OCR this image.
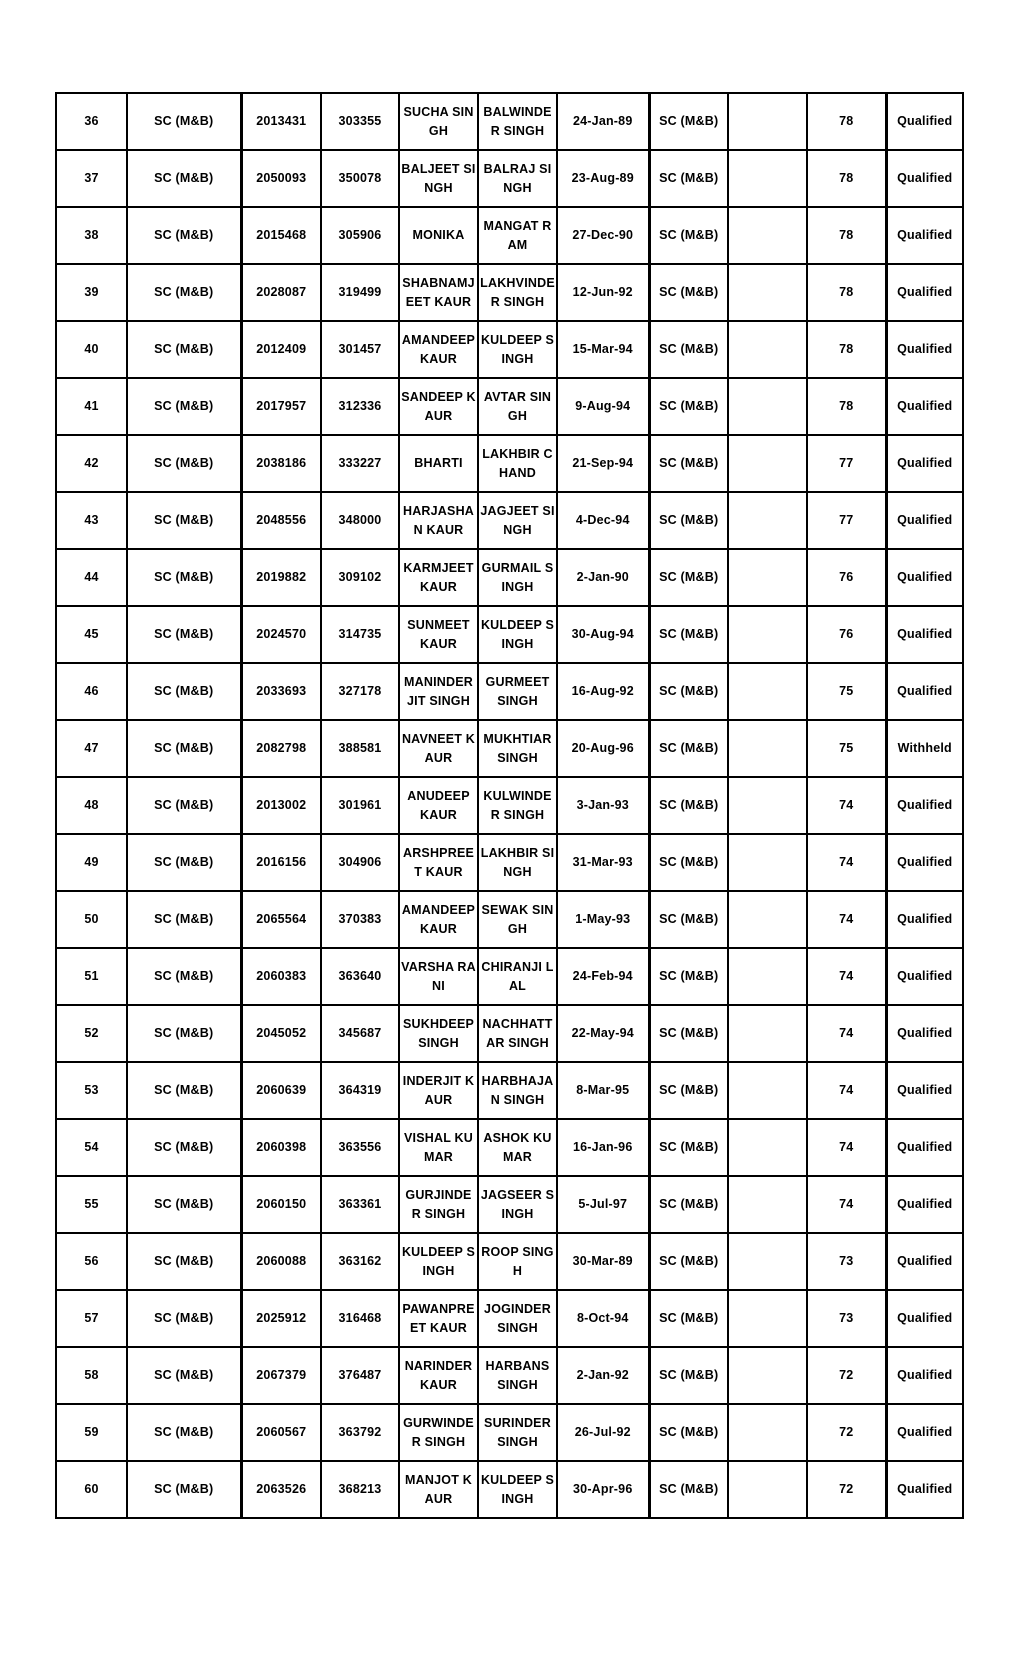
36	SC (M&B)	2013431	303355	SUCHA SINGH	BALWINDER SINGH	24-Jan-89	SC (M&B)		78	Qualified
37	SC (M&B)	2050093	350078	BALJEET SINGH	BALRAJ SINGH	23-Aug-89	SC (M&B)		78	Qualified
38	SC (M&B)	2015468	305906	MONIKA	MANGAT RAM	27-Dec-90	SC (M&B)		78	Qualified
39	SC (M&B)	2028087	319499	SHABNAMJEET KAUR	LAKHVINDER SINGH	12-Jun-92	SC (M&B)		78	Qualified
40	SC (M&B)	2012409	301457	AMANDEEP KAUR	KULDEEP SINGH	15-Mar-94	SC (M&B)		78	Qualified
41	SC (M&B)	2017957	312336	SANDEEP KAUR	AVTAR SINGH	9-Aug-94	SC (M&B)		78	Qualified
42	SC (M&B)	2038186	333227	BHARTI	LAKHBIR CHAND	21-Sep-94	SC (M&B)		77	Qualified
43	SC (M&B)	2048556	348000	HARJASHAN KAUR	JAGJEET SINGH	4-Dec-94	SC (M&B)		77	Qualified
44	SC (M&B)	2019882	309102	KARMJEET KAUR	GURMAIL SINGH	2-Jan-90	SC (M&B)		76	Qualified
45	SC (M&B)	2024570	314735	SUNMEET KAUR	KULDEEP SINGH	30-Aug-94	SC (M&B)		76	Qualified
46	SC (M&B)	2033693	327178	MANINDERJIT SINGH	GURMEET SINGH	16-Aug-92	SC (M&B)		75	Qualified
47	SC (M&B)	2082798	388581	NAVNEET KAUR	MUKHTIAR SINGH	20-Aug-96	SC (M&B)		75	Withheld
48	SC (M&B)	2013002	301961	ANUDEEP KAUR	KULWINDER SINGH	3-Jan-93	SC (M&B)		74	Qualified
49	SC (M&B)	2016156	304906	ARSHPREET KAUR	LAKHBIR SINGH	31-Mar-93	SC (M&B)		74	Qualified
50	SC (M&B)	2065564	370383	AMANDEEP KAUR	SEWAK SINGH	1-May-93	SC (M&B)		74	Qualified
51	SC (M&B)	2060383	363640	VARSHA RANI	CHIRANJI LAL	24-Feb-94	SC (M&B)		74	Qualified
52	SC (M&B)	2045052	345687	SUKHDEEP SINGH	NACHHATTAR SINGH	22-May-94	SC (M&B)		74	Qualified
53	SC (M&B)	2060639	364319	INDERJIT KAUR	HARBHAJAN SINGH	8-Mar-95	SC (M&B)		74	Qualified
54	SC (M&B)	2060398	363556	VISHAL KUMAR	ASHOK KUMAR	16-Jan-96	SC (M&B)		74	Qualified
55	SC (M&B)	2060150	363361	GURJINDER SINGH	JAGSEER SINGH	5-Jul-97	SC (M&B)		74	Qualified
56	SC (M&B)	2060088	363162	KULDEEP SINGH	ROOP SINGH	30-Mar-89	SC (M&B)		73	Qualified
57	SC (M&B)	2025912	316468	PAWANPREET KAUR	JOGINDER SINGH	8-Oct-94	SC (M&B)		73	Qualified
58	SC (M&B)	2067379	376487	NARINDER KAUR	HARBANS SINGH	2-Jan-92	SC (M&B)		72	Qualified
59	SC (M&B)	2060567	363792	GURWINDER SINGH	SURINDER SINGH	26-Jul-92	SC (M&B)		72	Qualified
60	SC (M&B)	2063526	368213	MANJOT KAUR	KULDEEP SINGH	30-Apr-96	SC (M&B)		72	Qualified
